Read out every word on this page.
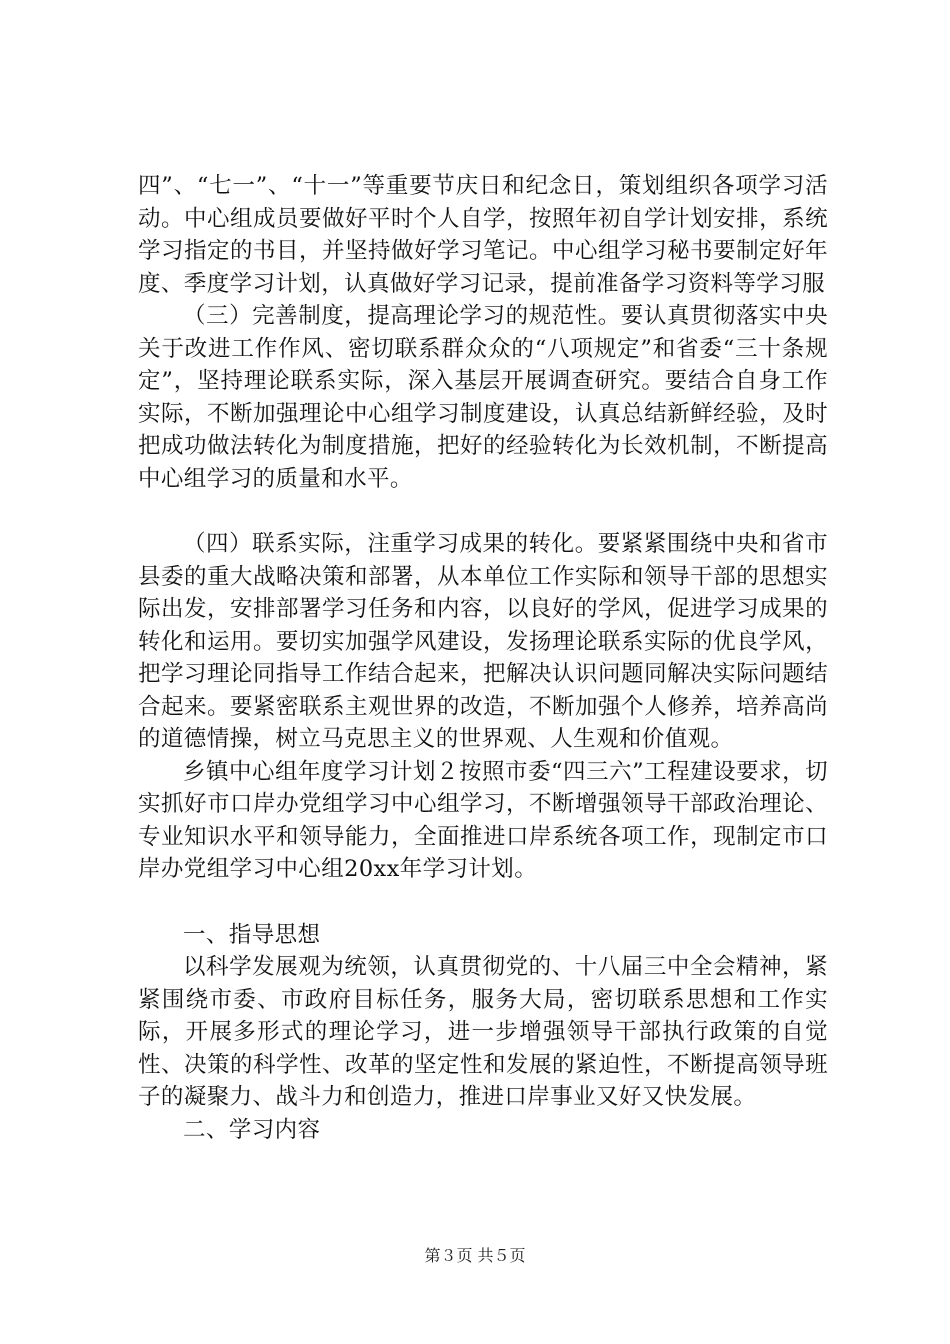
四”、“七一”、“十一”等重要节庆日和纪念日，策划组织各项学习活动。中心组成员要做好平时个人自学，按照年初自学计划安排，系统学习指定的书目，并坚持做好学习笔记。中心组学习秘书要制定好年度、季度学习计划，认真做好学习记录，提前准备学习资料等学习服

（三）完善制度，提高理论学习的规范性。要认真贯彻落实中央关于改进工作作风、密切联系群众众的“八项规定”和省委“三十条规定”，坚持理论联系实际，深入基层开展调查研究。要结合自身工作实际，不断加强理论中心组学习制度建设，认真总结新鲜经验，及时把成功做法转化为制度措施，把好的经验转化为长效机制，不断提高中心组学习的质量和水平。

（四）联系实际，注重学习成果的转化。要紧紧围绕中央和省市县委的重大战略决策和部署，从本单位工作实际和领导干部的思想实际出发，安排部署学习任务和内容，以良好的学风，促进学习成果的转化和运用。要切实加强学风建设，发扬理论联系实际的优良学风，把学习理论同指导工作结合起来，把解决认识问题同解决实际问题结合起来。要紧密联系主观世界的改造，不断加强个人修养，培养高尚的道德情操，树立马克思主义的世界观、人生观和价值观。

乡镇中心组年度学习计划２按照市委“四三六”工程建设要求，切实抓好市口岸办党组学习中心组学习，不断增强领导干部政治理论、专业知识水平和领导能力，全面推进口岸系统各项工作，现制定市口岸办党组学习中心组20xx年学习计划。

一、指导思想

以科学发展观为统领，认真贯彻党的、十八届三中全会精神，紧紧围绕市委、市政府目标任务，服务大局，密切联系思想和工作实际，开展多形式的理论学习，进一步增强领导干部执行政策的自觉性、决策的科学性、改革的坚定性和发展的紧迫性，不断提高领导班子的凝聚力、战斗力和创造力，推进口岸事业又好又快发展。

二、学习内容

第３页 共５页
